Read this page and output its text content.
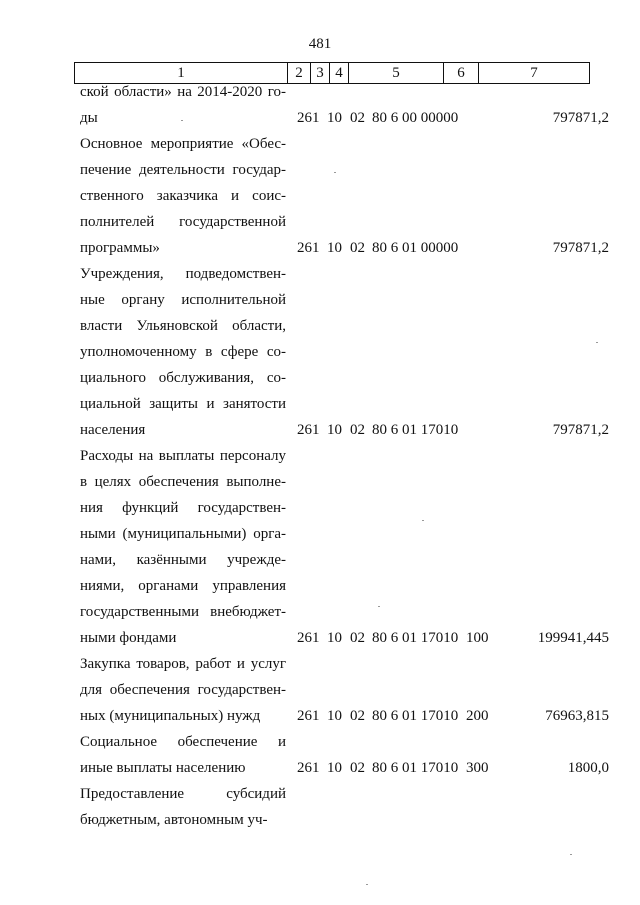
481
1	2	3	4	5	6	7
ской области» на 2014-2020 го-
ды	261 10 02 80 6 00 00000	797871,2
Основное мероприятие «Обес-
печение деятельности государ-
ственного заказчика и соис-
полнителей государственной
программы»	261 10 02 80 6 01 00000	797871,2
Учреждения, подведомствен-
ные органу исполнительной
власти Ульяновской области,
уполномоченному в сфере со-
циального обслуживания, со-
циальной защиты и занятости
населения	261 10 02 80 6 01 17010	797871,2
Расходы на выплаты персоналу
в целях обеспечения выполне-
ния функций государствен-
ными (муниципальными) орга-
нами, казёнными учрежде-
ниями, органами управления
государственными внебюджет-
ными фондами	261 10 02 80 6 01 17010 100	199941,445
Закупка товаров, работ и услуг
для обеспечения государствен-
ных (муниципальных) нужд	261 10 02 80 6 01 17010 200	76963,815
Социальное обеспечение и
иные выплаты населению	261 10 02 80 6 01 17010 300	1800,0
Предоставление субсидий
бюджетным, автономным уч-
